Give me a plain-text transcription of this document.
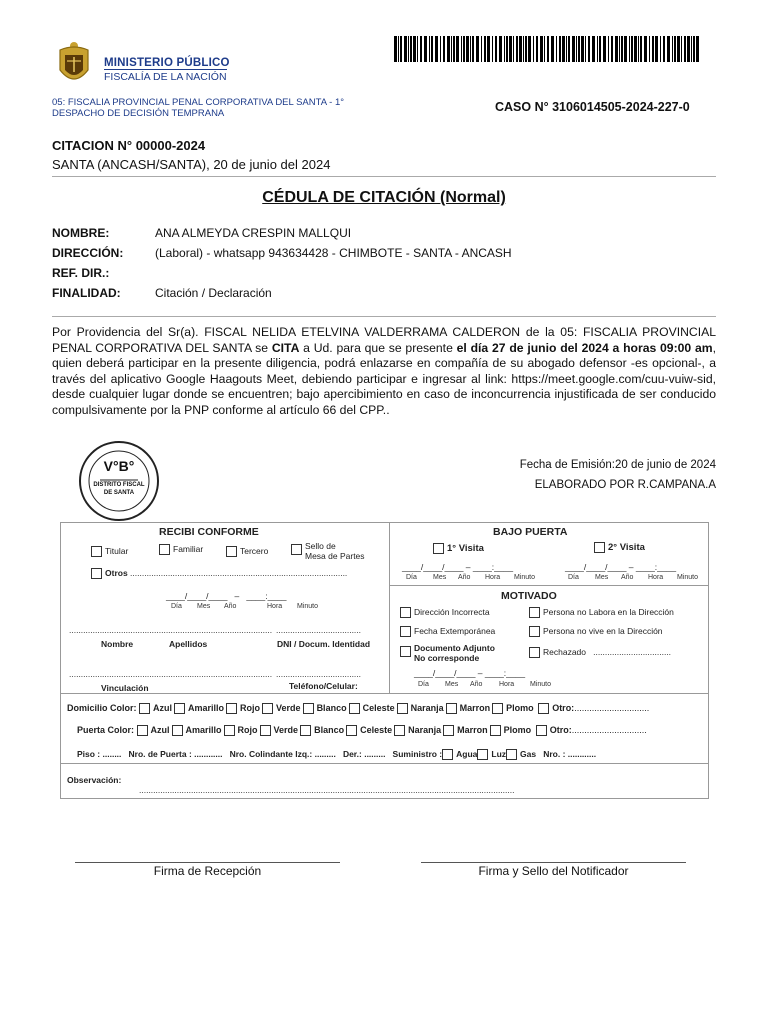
MINISTERIO PÚBLICO
FISCALÍA DE LA NACIÓN
05: FISCALIA PROVINCIAL PENAL CORPORATIVA DEL SANTA - 1°
DESPACHO DE DECISIÓN TEMPRANA	CASO N° 3106014505-2024-227-0
CITACION N° 00000-2024
SANTA (ANCASH/SANTA), 20 de junio del 2024
CÉDULA DE CITACIÓN (Normal)
NOMBRE:	ANA ALMEYDA CRESPIN MALLQUI
DIRECCIÓN:	(Laboral) - whatsapp 943634428 - CHIMBOTE - SANTA - ANCASH
REF. DIR.:
FINALIDAD:	Citación / Declaración
Por Providencia del Sr(a). FISCAL NELIDA ETELVINA VALDERRAMA CALDERON de la 05: FISCALIA PROVINCIAL PENAL CORPORATIVA DEL SANTA se CITA a Ud. para que se presente el día 27 de junio del 2024 a horas 09:00 am, quien deberá participar en la presente diligencia, podrá enlazarse en compañía de su abogado defensor -es opcional-, a través del aplicativo Google Haagouts Meet, debiendo participar e ingresar al link: https://meet.google.com/cuu-vuiw-sid, desde cualquier lugar donde se encuentren; bajo apercibimiento en caso de inconcurrencia injustificada de ser conducido compulsivamente por la PNP conforme al artículo 66 del CPP..
V°B°
DISTRITO FISCAL
DE SANTA
Fecha de Emisión:20 de junio de 2024
ELABORADO POR R.CAMPANA.A
RECIBI CONFORME
Titular	Familiar	Tercero	Sello de
Mesa de Partes
Otros ............................................................................................
____/____/____   –   ____:____
Día Mes Año	Hora Minuto
...................................................................................... ....................................
Nombre	Apellidos	DNI / Docum. Identidad
...................................................................................... ....................................
Vinculación	Teléfono/Celular:
BAJO PUERTA
1° Visita	2° Visita
____/____/____ – ____:____	____/____/____ – ____:____
Día Mes Año Hora Minuto	Día Mes Año Hora Minuto
MOTIVADO
Dirección Incorrecta	Persona no Labora en la Dirección
Fecha Extemporánea	Persona no vive en la Dirección
Documento Adjunto
No corresponde
Rechazado   .................................
____/____/____ – ____:____
Día Mes Año Hora Minuto
Domicilio Color: Azul Amarillo Rojo Verde Blanco Celeste Naranja Marron Plomo Otro:..............................
Puerta Color: Azul Amarillo Rojo Verde Blanco Celeste Naranja Marron Plomo Otro:..............................
Piso : ........   Nro. de Puerta : ............   Nro. Colindante Izq.: .........   Der.: .........   Suministro : Agua Luz Gas Nro. : ............
Observación:
...............................................................................................................................................................
Firma de Recepción	Firma y Sello del Notificador
